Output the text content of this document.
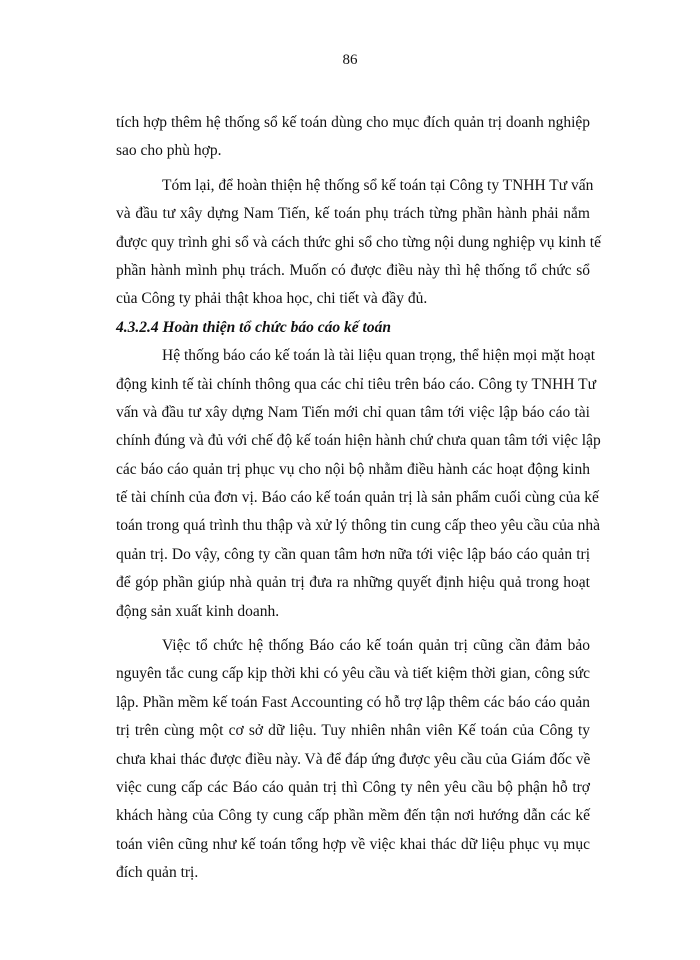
86
tích hợp thêm hệ thống sổ kế toán dùng cho mục đích quản trị doanh nghiệp
sao cho phù hợp.
Tóm lại, để hoàn thiện hệ thống sổ kế toán tại Công ty TNHH Tư vấn
và đầu tư xây dựng Nam Tiến, kế toán phụ trách từng phần hành phải nắm
được quy trình ghi sổ và cách thức ghi sổ cho từng nội dung nghiệp vụ kinh tế
phần hành mình phụ trách. Muốn có được điều này thì hệ thống tổ chức sổ
của Công ty phải thật khoa học, chi tiết và đầy đủ.
4.3.2.4 Hoàn thiện tổ chức báo cáo kế toán
Hệ thống báo cáo kế toán là tài liệu quan trọng, thể hiện mọi mặt hoạt
động kinh tế tài chính thông qua các chỉ tiêu trên báo cáo. Công ty TNHH Tư
vấn và đầu tư xây dựng Nam Tiến mới chỉ quan tâm tới việc lập báo cáo tài
chính đúng và đủ với chế độ kế toán hiện hành chứ chưa quan tâm tới việc lập
các báo cáo quản trị phục vụ cho nội bộ nhằm điều hành các hoạt động kinh
tế tài chính của đơn vị. Báo cáo kế toán quản trị là sản phẩm cuối cùng của kế
toán trong quá trình thu thập và xử lý thông tin cung cấp theo yêu cầu của nhà
quản trị. Do vậy, công ty cần quan tâm hơn nữa tới việc lập báo cáo quản trị
để góp phần giúp nhà quản trị đưa ra những quyết định hiệu quả trong hoạt
động sản xuất kinh doanh.
Việc tổ chức hệ thống Báo cáo kế toán quản trị cũng cần đảm bảo
nguyên tắc cung cấp kịp thời khi có yêu cầu và tiết kiệm thời gian, công sức
lập. Phần mềm kế toán Fast Accounting có hỗ trợ lập thêm các báo cáo quản
trị trên cùng một cơ sở dữ liệu. Tuy nhiên nhân viên Kế toán của Công ty
chưa khai thác được điều này. Và để đáp ứng được yêu cầu của Giám đốc về
việc cung cấp các Báo cáo quản trị thì Công ty nên yêu cầu bộ phận hỗ trợ
khách hàng của Công ty cung cấp phần mềm đến tận nơi hướng dẫn các kế
toán viên cũng như kế toán tổng hợp về việc khai thác dữ liệu phục vụ mục
đích quản trị.
